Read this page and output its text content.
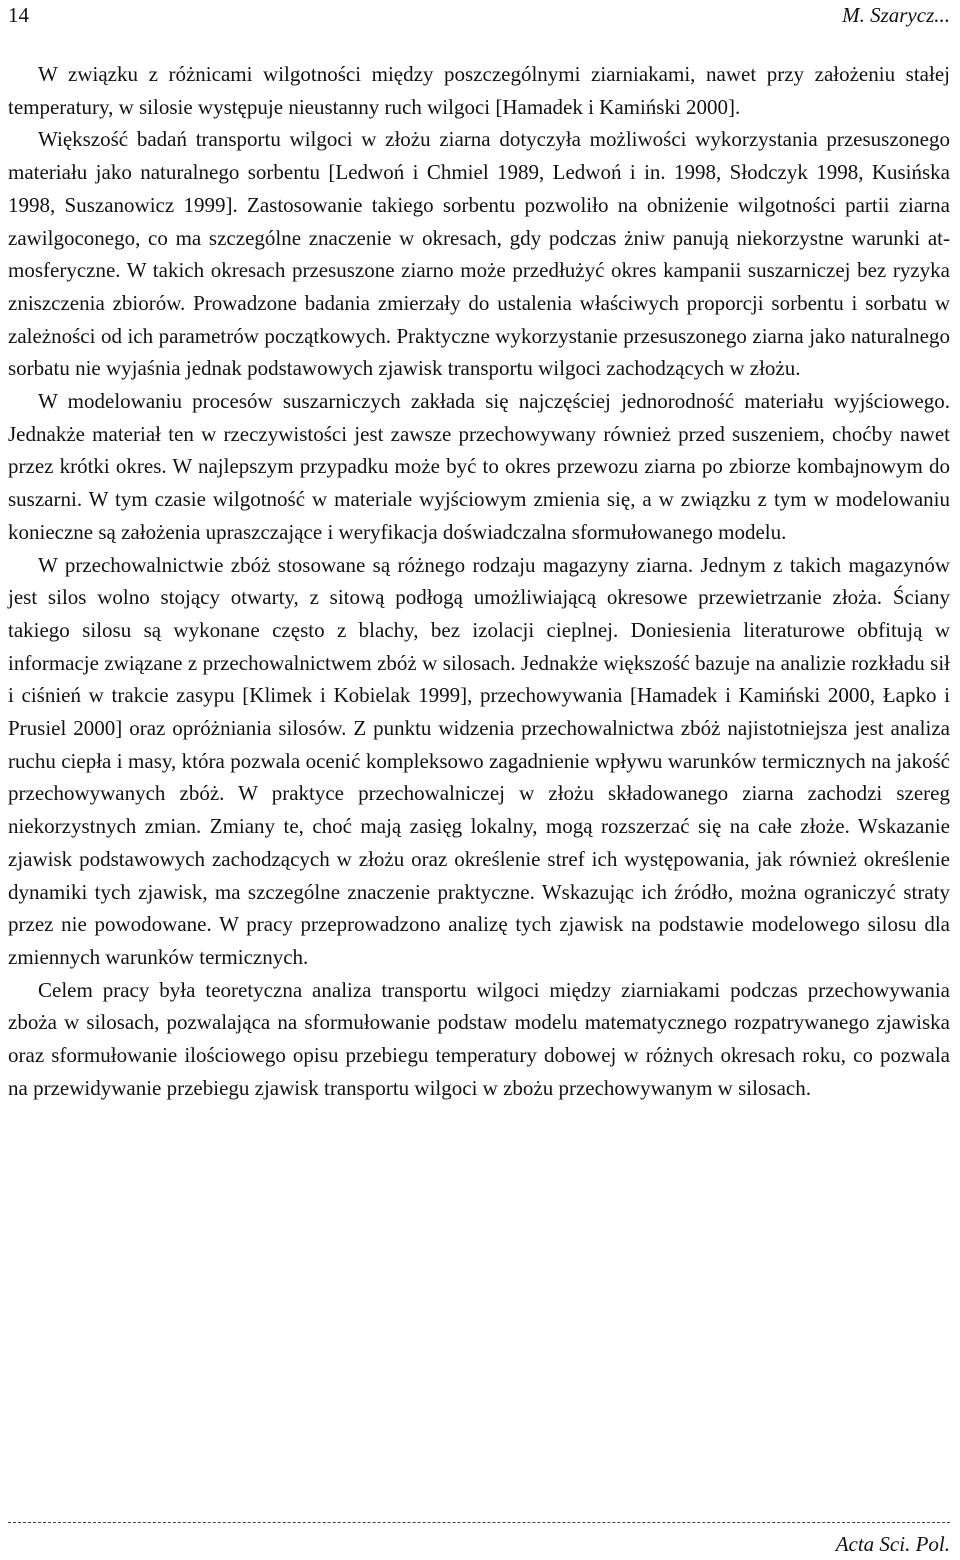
14	M. Szarycz...

W związku z różnicami wilgotności między poszczególnymi ziarniakami, nawet przy założeniu stałej temperatury, w silosie występuje nieustanny ruch wilgoci [Hamadek i Kamiński 2000].

Większość badań transportu wilgoci w złożu ziarna dotyczyła możliwości wykorzystania przesuszonego materiału jako naturalnego sorbentu [Ledwoń i Chmiel 1989, Ledwoń i in. 1998, Słodczyk 1998, Kusińska 1998, Suszanowicz 1999]. Zastosowanie takiego sorbentu pozwoliło na obniżenie wilgotności partii ziarna zawilgoconego, co ma szczególne znaczenie w okresach, gdy podczas żniw panują niekorzystne warunki atmosferyczne. W takich okresach przesuszone ziarno może przedłużyć okres kampanii suszarniczej bez ryzyka zniszczenia zbiorów. Prowadzone badania zmierzały do ustalenia właściwych proporcji sorbentu i sorbatu w zależności od ich parametrów początkowych. Praktyczne wykorzystanie przesuszonego ziarna jako naturalnego sorbatu nie wyjaśnia jednak podstawowych zjawisk transportu wilgoci zachodzących w złożu.

W modelowaniu procesów suszarniczych zakłada się najczęściej jednorodność materiału wyjściowego. Jednakże materiał ten w rzeczywistości jest zawsze przechowywany również przed suszeniem, choćby nawet przez krótki okres. W najlepszym przypadku może być to okres przewozu ziarna po zbiorze kombajnowym do suszarni. W tym czasie wilgotność w materiale wyjściowym zmienia się, a w związku z tym w modelowaniu konieczne są założenia upraszczające i weryfikacja doświadczalna sformułowanego modelu.

W przechowalnictwie zbóż stosowane są różnego rodzaju magazyny ziarna. Jednym z takich magazynów jest silos wolno stojący otwarty, z sitową podłogą umożliwiającą okresowe przewietrzanie złoża. Ściany takiego silosu są wykonane często z blachy, bez izolacji cieplnej. Doniesienia literaturowe obfitują w informacje związane z przechowalnictwem zbóż w silosach. Jednakże większość bazuje na analizie rozkładu sił i ciśnień w trakcie zasypu [Klimek i Kobielak 1999], przechowywania [Hamadek i Kamiński 2000, Łapko i Prusiel 2000] oraz opróżniania silosów. Z punktu widzenia przechowalnictwa zbóż najistotniejsza jest analiza ruchu ciepła i masy, która pozwala ocenić kompleksowo zagadnienie wpływu warunków termicznych na jakość przechowywanych zbóż. W praktyce przechowalniczej w złożu składowanego ziarna zachodzi szereg niekorzystnych zmian. Zmiany te, choć mają zasięg lokalny, mogą rozszerzać się na całe złoże. Wskazanie zjawisk podstawowych zachodzących w złożu oraz określenie stref ich występowania, jak również określenie dynamiki tych zjawisk, ma szczególne znaczenie praktyczne. Wskazując ich źródło, można ograniczyć straty przez nie powodowane. W pracy przeprowadzono analizę tych zjawisk na podstawie modelowego silosu dla zmiennych warunków termicznych.

Celem pracy była teoretyczna analiza transportu wilgoci między ziarniakami podczas przechowywania zboża w silosach, pozwalająca na sformułowanie podstaw modelu matematycznego rozpatrywanego zjawiska oraz sformułowanie ilościowego opisu przebiegu temperatury dobowej w różnych okresach roku, co pozwala na przewidywanie przebiegu zjawisk transportu wilgoci w zbożu przechowywanym w silosach.

Acta Sci. Pol.
